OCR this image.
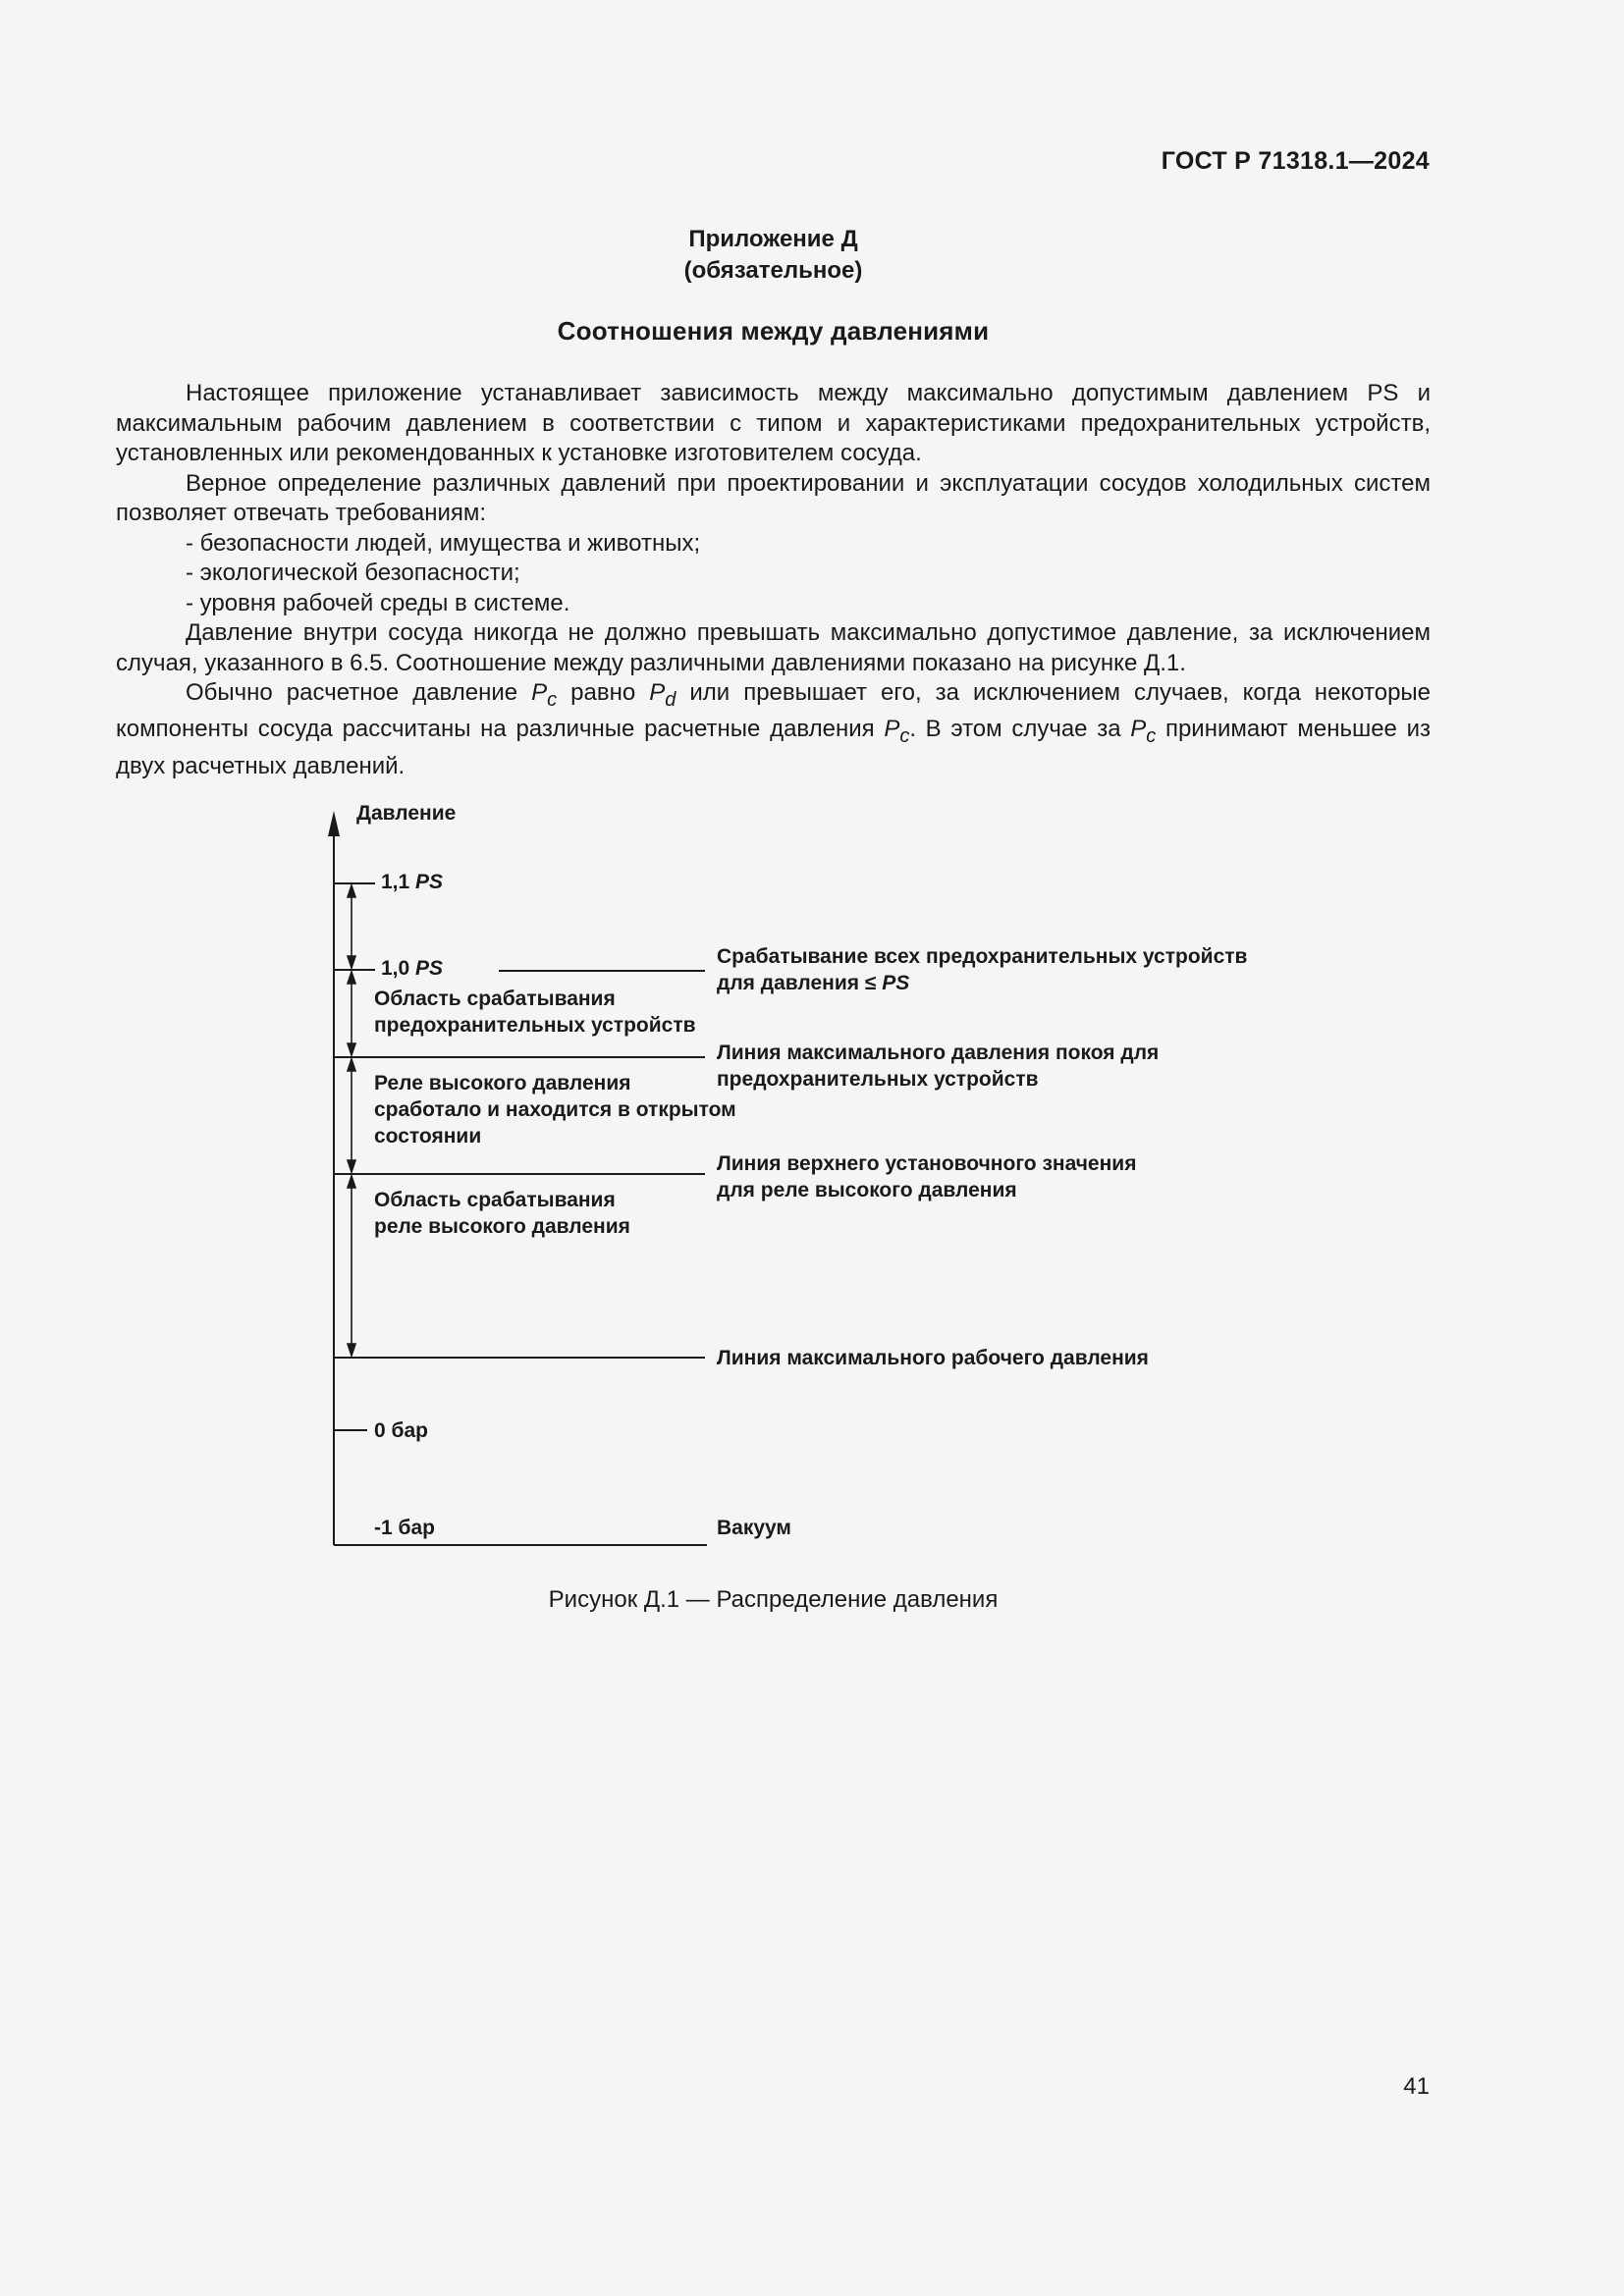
ГОСТ Р 71318.1—2024
Приложение Д
(обязательное)
Соотношения между давлениями

Настоящее приложение устанавливает зависимость между максимально допустимым давлением PS и максимальным рабочим давлением в соответствии с типом и характеристиками предохранительных устройств, установленных или рекомендованных к установке изготовителем сосуда.

Верное определение различных давлений при проектировании и эксплуатации сосудов холодильных систем позволяет отвечать требованиям:

- безопасности людей, имущества и животных;

- экологической безопасности;

- уровня рабочей среды в системе.

Давление внутри сосуда никогда не должно превышать максимально допустимое давление, за исключением случая, указанного в 6.5. Соотношение между различными давлениями показано на рисунке Д.1.

Обычно расчетное давление $P_c$ равно $P_d$ или превышает его, за исключением случаев, когда некоторые компоненты сосуда рассчитаны на различные расчетные давления $P_c$. В этом случае за $P_c$ принимают меньшее из двух расчетных давлений.

Давление
1,1 PS
1,0 PS
Область срабатывания
предохранительных устройств
Реле высокого давления
сработало и находится в открытом
состоянии
Область срабатывания
реле высокого давления
0 бар
-1 бар
Срабатывание всех предохранительных устройств
для давления ≤ PS
Линия максимального давления покоя для
предохранительных устройств
Линия верхнего установочного значения
для реле высокого давления
Линия максимального рабочего давления
Вакуум
Рисунок Д.1 — Распределение давления
41
